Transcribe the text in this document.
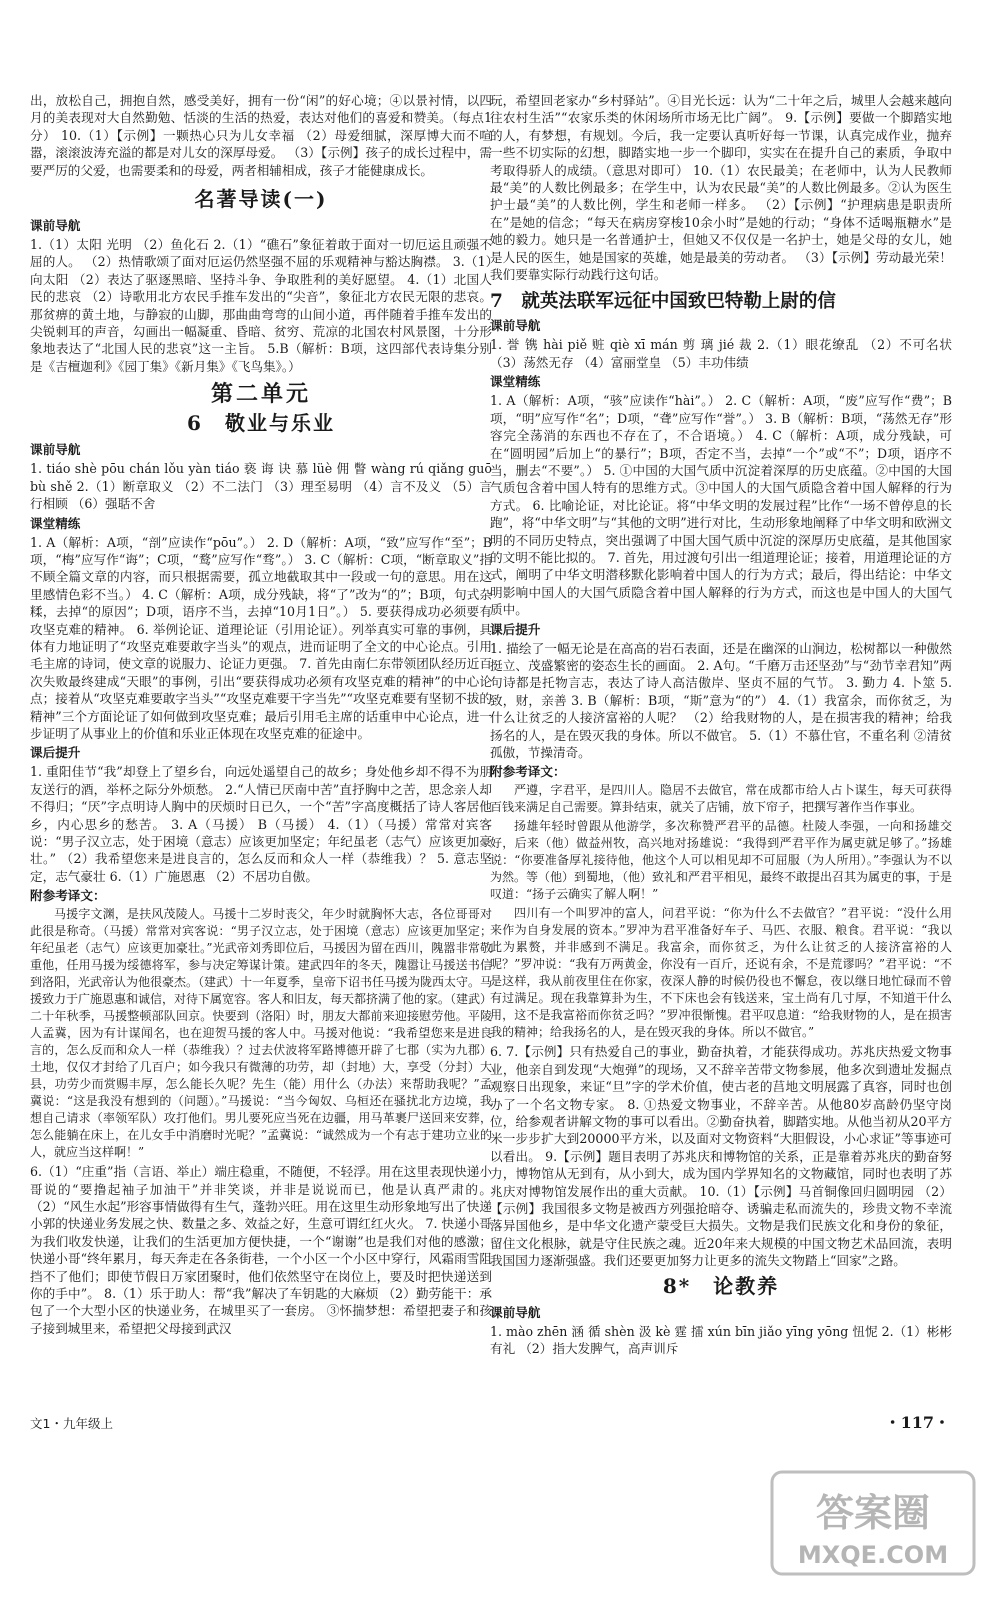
出，放松自己，拥抱自然，感受美好，拥有一份“闲”的好心境；④以景衬情，以四月的美表现对大自然勤勉、恬淡的生活的热爱，表达对他们的喜爱和赞美。（每点1分） 10.（1）【示例】一颗热心只为儿女幸福 （2）母爱细腻，深厚博大而不喧嚣，滚滚波涛充溢的都是对儿女的深厚母爱。 （3）【示例】孩子的成长过程中，需要严厉的父爱，也需要柔和的母爱，两者相辅相成，孩子才能健康成长。

名著导读(一)
课前导航

1.（1）太阳 光明 （2）鱼化石 2.（1）“礁石”象征着敢于面对一切厄运且顽强不屈的人。 （2）热情歌颂了面对厄运仍然坚强不屈的乐观精神与豁达胸襟。 3.（1）向太阳 （2）表达了驱逐黑暗、坚持斗争、争取胜利的美好愿望。 4.（1）北国人民的悲哀 （2）诗歌用北方农民手推车发出的“尖音”，象征北方农民无限的悲哀。那贫痹的黄土地，与静寂的山脚，那曲曲弯弯的山间小道，再伴随着手推车发出的尖锐刺耳的声音，勾画出一幅凝重、昏暗、贫穷、荒凉的北国农村风景图，十分形象地表达了“北国人民的悲哀”这一主旨。 5.B（解析：B项，这四部代表诗集分别是《吉檀迦利》《园丁集》《新月集》《飞鸟集》。）

第二单元
6　敬业与乐业
课前导航

1. tiáo shè pōu chán lǒu yàn tiáo 亵 诲 诀 慕 lüè 佣 瞥 wàng rú qiǎng guō bù shě 2.（1）断章取义 （2）不二法门 （3）理至易明 （4）言不及义 （5）言行相顾 （6）强聒不舍

课堂精练

1. A（解析：A项，“剖”应读作“pōu”。） 2. D（解析：A项，“致”应写作“至”；B项，“梅”应写作“诲”；C项，“鹜”应写作“骛”。） 3. C（解析：C项，“断章取义”指不顾全篇文章的内容，而只根据需要，孤立地截取其中一段或一句的意思。用在这里感情色彩不当。） 4. C（解析：A项，成分残缺，将“了”改为“的”；B项，句式杂糅，去掉“的原因”；D项，语序不当，去掉“10月1日”。） 5. 要获得成功必须要有攻坚克难的精神。 6. 举例论证、道理论证（引用论证）。列举真实可靠的事例，具体有力地证明了“攻坚克难要敢字当头”的观点，进而证明了全文的中心论点。引用毛主席的诗词，使文章的说服力、论证力更强。 7. 首先由南仁东带领团队经历近百次失败最终建成“天眼”的事例，引出“要获得成功必须有攻坚克难的精神”的中心论点；接着从“攻坚克难要敢字当头”“攻坚克难要干字当先”“攻坚克难要有坚韧不拔的精神”三个方面论证了如何做到攻坚克难；最后引用毛主席的话重申中心论点，进一步证明了从事业上的价值和乐业正体现在攻坚克难的征途中。

课后提升

1. 重阳佳节“我”却登上了望乡台，向远处遥望自己的故乡；身处他乡却不得不为朋友送行的酒，举杯之际分外烦愁。 2.“人情已厌南中苦”直抒胸中之苦，思念亲人却不得归；“厌”字点明诗人胸中的厌烦时日已久，一个“苦”字高度概括了诗人客居他乡，内心思乡的愁苦。 3. A（马援） B（马援） 4.（1）（马援）常常对宾客说：“男子汉立志，处于困境（意志）应该更加坚定；年纪虽老（志气）应该更加豪壮。” （2）我希望您来是进良言的，怎么反而和众人一样（恭维我）？ 5. 意志坚定，志气豪壮 6.（1）广施恩惠 （2）不居功自傲。

附参考译文：

马援字文渊，是扶风茂陵人。马援十二岁时丧父，年少时就胸怀大志，各位哥哥对此很是称奇。（马援）常常对宾客说：“男子汉立志，处于困境（意志）应该更加坚定；年纪虽老（志气）应该更加豪壮。”光武帝刘秀即位后，马援因为留在西川，隗嚣非常敬重他，任用马援为绥德将军，参与决定筹谋计策。建武四年的冬天，隗嚣让马援送书信到洛阳，光武帝认为他很豪杰。（建武）十一年夏季，皇帝下诏书任马援为陇西太守。马援致力于广施恩惠和诚信，对待下属宽容。客人和旧友，每天都挤满了他的家。（建武）二十年秋季，马援整顿部队回京。快要到（洛阳）时，朋友大都前来迎接慰劳他。平陵人孟冀，因为有计谋闻名，也在迎贺马援的客人中。马援对他说：“我希望您来是进良言的，怎么反而和众人一样（恭维我）？过去伏波将军路博德开辟了七郡（实为九郡）土地，仅仅才封给了几百户；如今我只有微薄的功劳，却（封地）大，享受（分封）大县，功劳少而赏赐丰厚，怎么能长久呢？先生（能）用什么（办法）来帮助我呢？”孟冀说：“这是我没有想到的（问题）。”马援说：“当今匈奴、乌桓还在骚扰北方边境，我想自己请求（率领军队）攻打他们。男儿要死应当死在边疆，用马革裹尸送回来安葬，怎么能躺在床上，在儿女手中消磨时光呢？”孟冀说：“诚然成为一个有志于建功立业的人，就应当这样啊！”

6.（1）“庄重”指（言语、举止）端庄稳重，不随便，不轻浮。用在这里表现快递小哥说的“要撸起袖子加油干”并非笑谈，并非是说说而已，他是认真严肃的。 （2）“风生水起”形容事情做得有生气，蓬勃兴旺。用在这里生动形象地写出了快递小郭的快递业务发展之快、数量之多、效益之好，生意可谓红红火火。 7. 快递小哥为我们收发快递，让我们的生活更加方便快捷，一个“谢谢”也是我们对他的感激；快递小哥“终年累月，每天奔走在各条街巷，一个小区一个小区中穿行，风霜雨雪阻挡不了他们；即使节假日万家团聚时，他们依然坚守在岗位上，要及时把快递送到你的手中”。 8.（1）乐于助人：帮“我”解决了车钥匙的大麻烦 （2）勤劳能干：承包了一个大型小区的快递业务，在城里买了一套房。 ③怀揣梦想：希望把妻子和孩子接到城里来，希望把父母接到武汉

玩，希望回老家办“乡村驿站”。④目光长远：认为“二十年之后，城里人会越来越向往农村生活”“农家乐类的休闲场所市场无比广阔”。 9.【示例】要做一个脚踏实地的人，有梦想，有规划。今后，我一定要认真听好每一节课，认真完成作业，抛弃一些不切实际的幻想，脚踏实地一步一个脚印，实实在在提升自己的素质，争取中考取得骄人的成绩。（意思对即可） 10.（1）农民最美；在老师中，认为人民教师最“美”的人数比例最多；在学生中，认为农民最“美”的人数比例最多。②认为医生护士最“美”的人数比例，学生和老师一样多。 （2）【示例】“护理病患是职责所在”是她的信念；“每天在病房穿梭10余小时”是她的行动；“身体不适喝瓶糖水”是她的毅力。她只是一名普通护士，但她又不仅仅是一名护士，她是父母的女儿，她是人民的医生，她是国家的英雄，她是最美的劳动者。 （3）【示例】劳动最光荣！我们要靠实际行动践行这句话。

7　就英法联军远征中国致巴特勒上尉的信
课前导航

1. 誉 镌 hài piě 赃 qiè xī mán 剪 璃 jié 裁 2.（1）眼花缭乱 （2）不可名状 （3）荡然无存 （4）富丽堂皇 （5）丰功伟绩

课堂精练

1. A（解析：A项，“骇”应读作“hài”。） 2. C（解析：A项，“废”应写作“费”；B项，“明”应写作“名”；D项，“聋”应写作“誉”。） 3. B（解析：B项，“荡然无存”形容完全荡消的东西也不存在了，不合语境。） 4. C（解析：A项，成分残缺，可在“圆明园”后加上“的暴行”；B项，否定不当，去掉“一个”或“不”；D项，语序不当，删去“不要”。） 5. ①中国的大国气质中沉淀着深厚的历史底蕴。②中国的大国气质包含着中国人特有的思维方式。③中国人的大国气质隐含着中国人解释的行为方式。 6. 比喻论证，对比论证。将“中华文明的发展过程”比作“一场不曾停息的长跑”，将“中华文明”与“其他的文明”进行对比，生动形象地阐释了中华文明和欧洲文明的不同历史特点，突出强调了中国大国气质中沉淀的深厚历史底蕴，是其他国家的文明不能比拟的。 7. 首先，用过渡句引出一组道理论证；接着，用道理论证的方式，阐明了中华文明潜移默化影响着中国人的行为方式；最后，得出结论：中华文明影响中国人的大国气质隐含着中国人解释的行为方式，而这也是中国人的大国气质中。

课后提升

1. 描绘了一幅无论是在高高的岩石表面，还是在幽深的山涧边，松树都以一种傲然挺立、茂盛繁密的姿态生长的画面。 2. A句。“千磨万击还坚劲”与“劲节幸君知”两句诗都是托物言志，表达了诗人高洁傲岸、坚贞不屈的气节。 3. 勤力 4. 卜筮 5. 致，财，亲善 3. B（解析：B项，“斯”意为“的”） 4.（1）我富余，而你贫乏，为什么让贫乏的人接济富裕的人呢？ （2）给我财物的人，是在损害我的精神；给我扬名的人，是在毁灭我的身体。所以不做官。 5.（1）不慕仕官，不重名利 ②清贫孤傲，节操清奇。

附参考译文：

严遵，字君平，是四川人。隐居不去做官，常在成都市给人占卜谋生，每天可获得百钱来满足自己需要。算卦结束，就关了店铺，放下帘子，把撰写著作当作事业。

扬雄年轻时曾跟从他游学，多次称赞严君平的品德。杜陵人李强，一向和扬雄交好，后来（他）做益州牧，高兴地对扬雄说：“我得到严君平作为属吏就足够了。”扬雄说：“你要准备厚礼接待他，他这个人可以相见却不可屈服（为人所用）。”李强认为不以为然。等（他）到蜀地，（他）致礼和严君平相见，最终不敢提出召其为属吏的事，于是叹道：“扬子云确实了解人啊！”

四川有一个叫罗冲的富人，问君平说：“你为什么不去做官？”君平说：“没什么用来作为自身发展的资本。”罗冲为君平准备好车子、马匹、衣服、粮食。君平说：“我以此为累赘，并非感到不满足。我富余，而你贫乏，为什么让贫乏的人接济富裕的人呢？”罗冲说：“我有万两黄金，你没有一百斤，还说有余，不是荒谬吗？”君平说：“不是这样，我从前夜里住在你家，夜深人静的时候仍役也不懈怠，夜以继日地忙碌而不曾有过满足。现在我靠算卦为生，不下床也会有钱送来，宝土尚有几寸厚，不知道干什么用，这不是我富裕而你贫乏吗？”罗冲很惭愧。君平叹息道：“给我财物的人，是在损害我的精神；给我扬名的人，是在毁灭我的身体。所以不做官。”

6. 7.【示例】只有热爱自己的事业，勤奋执着，才能获得成功。苏兆庆热爱文物事业，他亲自到发现“大炮弹”的现场，又不辞辛苦带文物参展，他多次到遗址发掘点观察日出现象，来证“旦”字的学术价值，使古老的莒地文明展露了真容，同时也创办了一个名文物专家。 8. ①热爱文物事业，不辞辛苦。从他80岁高龄仍坚守岗位，给参观者讲解文物的事可以看出。②勤奋执着，脚踏实地。从他当初从20平方米一步步扩大到20000平方米，以及面对文物资料“大胆假设，小心求证”等事迹可以看出。 9.【示例】题目表明了苏兆庆和博物馆的关系，正是靠着苏兆庆的勤奋努力，博物馆从无到有，从小到大，成为国内学界知名的文物藏馆，同时也表明了苏兆庆对博物馆发展作出的重大贡献。 10.（1）【示例】马首铜像回归圆明园 （2）【示例】我国很多文物是被西方列强抢暗夺、诱骗走私而流失的，珍贵文物不幸流落异国他乡，是中华文化遗产蒙受巨大损失。文物是我们民族文化和身份的象征，留住文化根脉，就是守住民族之魂。近20年来大规模的中国文物艺术品回流，表明我国国力逐渐强盛。我们还要更加努力让更多的流失文物踏上“回家”之路。

8*　论教养
课前导航

1. mào zhēn 涵 循 shèn 汲 kè 霆 擂 xún bīn jiǎo yīng yōng 忸怩 2.（1）彬彬有礼 （2）指大发脾气，高声训斥

文1・九年级上	・117・
答案圈
MXQE.COM
